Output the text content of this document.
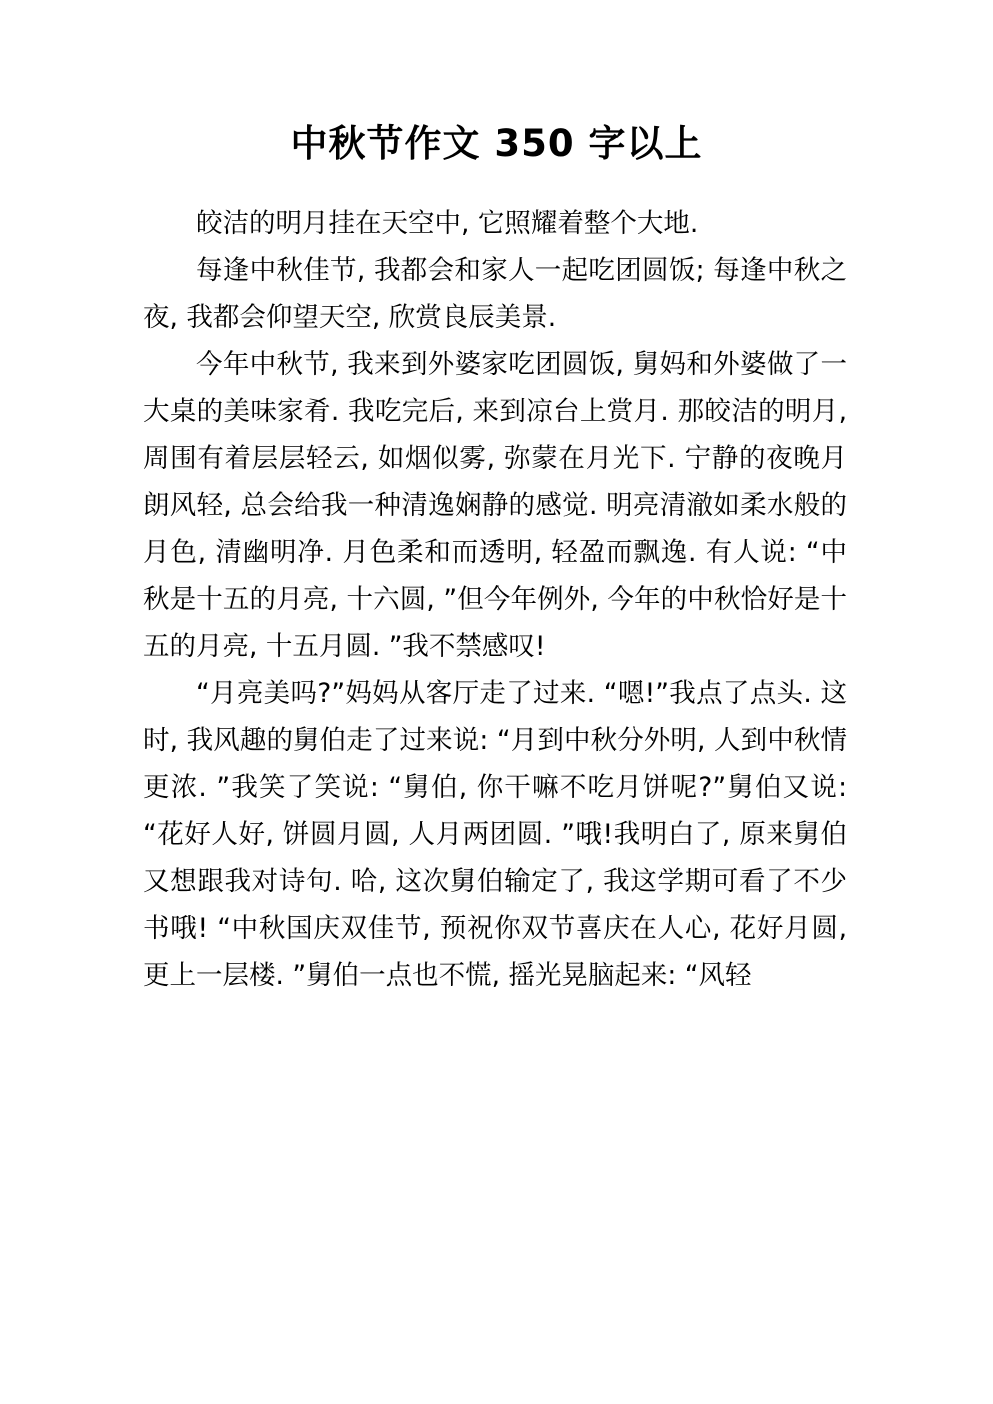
中秋节作文 350 字以上

皎洁的明月挂在天空中, 它照耀着整个大地.

每逢中秋佳节, 我都会和家人一起吃团圆饭; 每逢中秋之夜, 我都会仰望天空, 欣赏良辰美景.

今年中秋节, 我来到外婆家吃团圆饭, 舅妈和外婆做了一大桌的美味家肴. 我吃完后, 来到凉台上赏月. 那皎洁的明月, 周围有着层层轻云, 如烟似雾, 弥蒙在月光下. 宁静的夜晚月朗风轻, 总会给我一种清逸娴静的感觉. 明亮清澈如柔水般的月色, 清幽明净. 月色柔和而透明, 轻盈而飘逸. 有人说: “中秋是十五的月亮, 十六圆, ”但今年例外, 今年的中秋恰好是十五的月亮, 十五月圆. ”我不禁感叹!

“月亮美吗?”妈妈从客厅走了过来. “嗯!”我点了点头. 这时, 我风趣的舅伯走了过来说: “月到中秋分外明, 人到中秋情更浓. ”我笑了笑说: “舅伯, 你干嘛不吃月饼呢?”舅伯又说: “花好人好, 饼圆月圆, 人月两团圆. ”哦!我明白了, 原来舅伯又想跟我对诗句. 哈, 这次舅伯输定了, 我这学期可看了不少书哦! “中秋国庆双佳节, 预祝你双节喜庆在人心, 花好月圆, 更上一层楼. ”舅伯一点也不慌, 摇光晃脑起来: “风轻
